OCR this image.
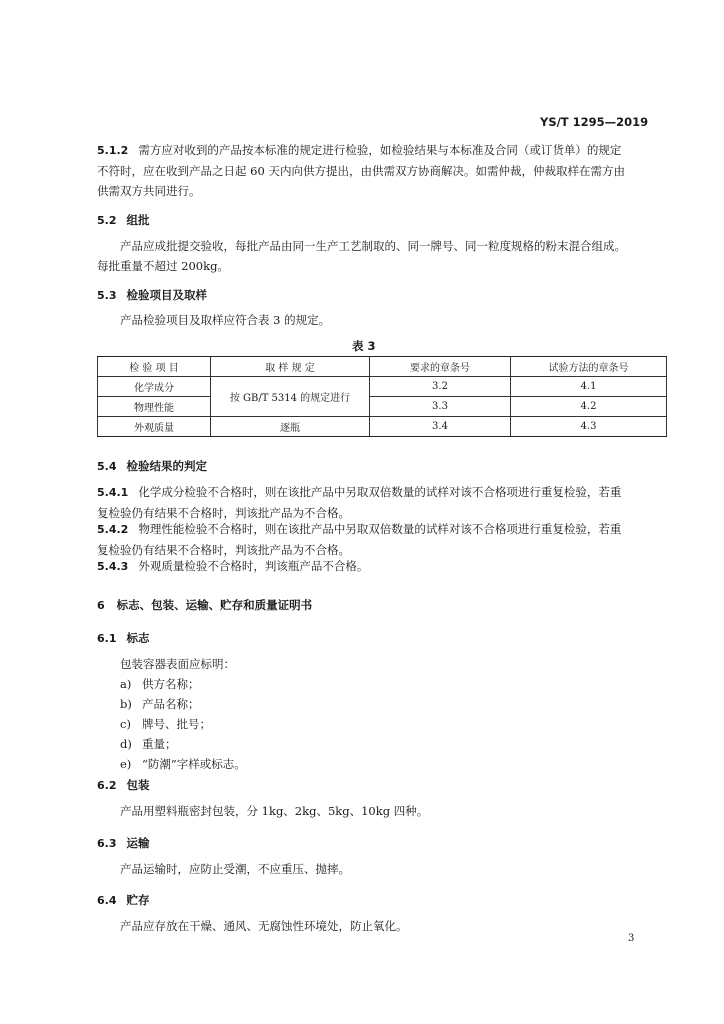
YS/T 1295—2019
5.1.2 需方应对收到的产品按本标准的规定进行检验，如检验结果与本标准及合同（或订货单）的规定
不符时，应在收到产品之日起 60 天内向供方提出，由供需双方协商解决。如需仲裁，仲裁取样在需方由
供需双方共同进行。
5.2 组批
产品应成批提交验收，每批产品由同一生产工艺制取的、同一牌号、同一粒度规格的粉末混合组成。
每批重量不超过 200kg。
5.3 检验项目及取样
产品检验项目及取样应符合表 3 的规定。
表 3
检 验 项 目	取 样 规 定	要求的章条号	试验方法的章条号
化学成分	按 GB/T 5314 的规定进行	3.2	4.1
物理性能		3.3	4.2
外观质量	逐瓶	3.4	4.3
5.4 检验结果的判定
5.4.1 化学成分检验不合格时，则在该批产品中另取双倍数量的试样对该不合格项进行重复检验，若重
复检验仍有结果不合格时，判该批产品为不合格。
5.4.2 物理性能检验不合格时，则在该批产品中另取双倍数量的试样对该不合格项进行重复检验，若重
复检验仍有结果不合格时，判该批产品为不合格。
5.4.3 外观质量检验不合格时，判该瓶产品不合格。
6 标志、包装、运输、贮存和质量证明书
6.1 标志
包装容器表面应标明：
a) 供方名称；
b) 产品名称；
c) 牌号、批号；
d) 重量；
e) “防潮”字样或标志。
6.2 包装
产品用塑料瓶密封包装，分 1kg、2kg、5kg、10kg 四种。
6.3 运输
产品运输时，应防止受潮，不应重压、抛摔。
6.4 贮存
产品应存放在干燥、通风、无腐蚀性环境处，防止氧化。
3
